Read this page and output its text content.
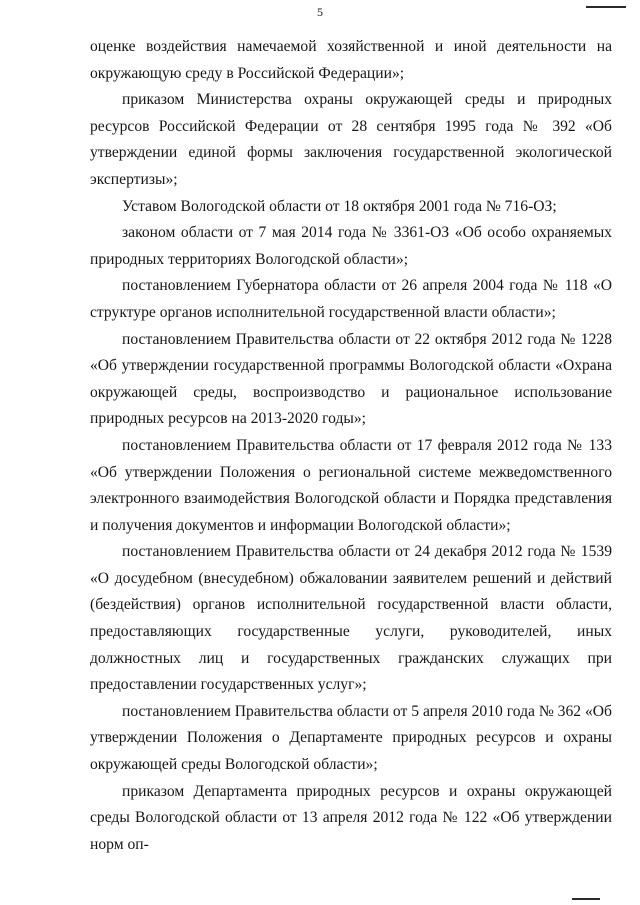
5

оценке воздействия намечаемой хозяйственной и иной деятельности на окружающую среду в Российской Федерации»;

приказом Министерства охраны окружающей среды и природных ресурсов Российской Федерации от 28 сентября 1995 года № 392 «Об утверждении единой формы заключения государственной экологической экспертизы»;

Уставом Вологодской области от 18 октября 2001 года № 716-ОЗ;

законом области от 7 мая 2014 года № 3361-ОЗ «Об особо охраняемых природных территориях Вологодской области»;

постановлением Губернатора области от 26 апреля 2004 года № 118 «О структуре органов исполнительной государственной власти области»;

постановлением Правительства области от 22 октября 2012 года № 1228 «Об утверждении государственной программы Вологодской области «Охрана окружающей среды, воспроизводство и рациональное использование природных ресурсов на 2013-2020 годы»;

постановлением Правительства области от 17 февраля 2012 года № 133 «Об утверждении Положения о региональной системе межведомственного электронного взаимодействия Вологодской области и Порядка представления и получения документов и информации Вологодской области»;

постановлением Правительства области от 24 декабря 2012 года № 1539 «О досудебном (внесудебном) обжаловании заявителем решений и действий (бездействия) органов исполнительной государственной власти области, предоставляющих государственные услуги, руководителей, иных должностных лиц и государственных гражданских служащих при предоставлении государственных услуг»;

постановлением Правительства области от 5 апреля 2010 года № 362 «Об утверждении Положения о Департаменте природных ресурсов и охраны окружающей среды Вологодской области»;

приказом Департамента природных ресурсов и охраны окружающей среды Вологодской области от 13 апреля 2012 года № 122 «Об утверждении норм оп-
